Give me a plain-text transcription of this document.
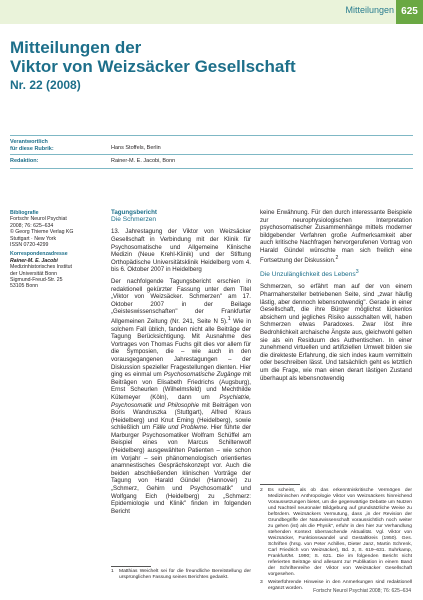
Mitteilungen 625
Mitteilungen der
Viktor von Weizsäcker Gesellschaft
Nr. 22 (2008)
Verantwortlich
für diese Rubrik:	Hans Stoffels, Berlin
Redaktion:	Rainer-M. E. Jacobi, Bonn
Bibliografie
Fortschr Neurol Psychiat
2008; 76: 625–634
© Georg Thieme Verlag KG
Stuttgart · New York
ISSN 0720-4299
Korrespondenzadresse
Rainer-M. E. Jacobi
Medizinhistorisches Institut
der Universität Bonn
Sigmund-Freud-Str. 25
53105 Bonn
Tagungsbericht
Die Schmerzen

13. Jahrestagung der Viktor von Weizsäcker Gesellschaft in Verbindung mit der Klinik für Psychosomatische und Allgemeine Klinische Medizin (Neue Krehl-Klinik) und der Stiftung Orthopädische Universitätsklinik Heidelberg vom 4. bis 6. Oktober 2007 in Heidelberg

Der nachfolgende Tagungsbericht erschien in redaktionell gekürzter Fassung unter dem Titel „Viktor von Weizsäcker. Schmerzen" am 17. Oktober 2007 in der Beilage „Geisteswissenschaften" der Frankfurter Allgemeinen Zeitung (Nr. 241, Seite N 5).$^1$ Wie in solchem Fall üblich, fanden nicht alle Beiträge der Tagung Berücksichtigung. Mit Ausnahme des Vortrages von Thomas Fuchs gilt dies vor allem für die Symposien, die – wie auch in den vorausgegangenen Jahrestagungen – der Diskussion spezieller Fragestellungen dienten. Hier ging es einmal um Psychosomatische Zugänge mit Beiträgen von Elisabeth Friedrichs (Augsburg), Ernst Scheurlen (Wilhelmsfeld) und Mechthilde Kütemeyer (Köln), dann um Psychiatrie, Psychosomatik und Philosophie mit Beiträgen von Boris Wandruszka (Stuttgart), Alfred Kraus (Heidelberg) und Knut Eming (Heidelberg), sowie schließlich um Fälle und Probleme. Hier führte der Marburger Psychosomatiker Wolfram Schüffel am Beispiel eines von Marcus Schiltenwolf (Heidelberg) ausgewählten Patienten – wie schon im Vorjahr – sein phänomenologisch orientiertes anamnestisches Gesprächskonzept vor. Auch die beiden abschließenden klinischen Vorträge der Tagung von Harald Gündel (Hannover) zu „Schmerz, Gehirn und Psychosomatik" und Wolfgang Eich (Heidelberg) zu „Schmerz: Epidemiologie und Klinik" finden im folgenden Bericht

1	Matthias Weichelt sei für die freundliche Bereitstellung der ursprünglichen Fassung seines Berichtes gedankt.

keine Erwähnung. Für den durch interessante Beispiele zur neurophysiologischen Interpretation psychosomatischer Zusammenhänge mittels moderner bildgebender Verfahren große Aufmerksamkeit aber auch kritische Nachfragen hervorgerufenen Vortrag von Harald Gündel wünschte man sich freilich eine Fortsetzung der Diskussion.$^2$

Die Unzulänglichkeit des Lebens$^3$

Schmerzen, so erfährt man auf der von einem Pharmahersteller betriebenen Seite, sind „zwar häufig lästig, aber dennoch lebensnotwendig". Gerade in einer Gesellschaft, die ihre Bürger möglichst lückenlos absichern und jegliches Risiko ausschalten will, haben Schmerzen etwas Paradoxes. Zwar löst ihre Bedrohlichkeit archaische Ängste aus, gleichwohl gelten sie als ein Residuum des Authentischen. In einer zunehmend virtuellen und artifiziellen Umwelt bilden sie die direkteste Erfahrung, die sich indes kaum vermitteln oder beschreiben lässt. Und tatsächlich geht es letztlich um die Frage, wie man einen derart lästigen Zustand überhaupt als lebensnotwendig

2	Es scheint, als ob das erkenntniskritische Vermögen der Medizinischen Anthropologie Viktor von Weizsäckers hinreichend Voraussetzungen bietet, um die gegenwärtige Debatte um Nutzen und Nachteil neuronaler Bildgebung auf grundsätzliche Weise zu befördern. Weizsäckers Vermutung, dass „in der Revision der Grundbegriffe der Naturwissenschaft voraussichtlich noch weiter zu gehen (ist) als die Physik", erfuhr in den hier zur Verhandlung stehenden Kontext überraschende Aktualität. Vgl. Viktor von Weizsäcker, Funktionswandel und Gestaltkreis (1950). Ges. Schriften (hrsg. von Peter Achilles, Dieter Janz, Martin Schrenk, Carl Friedrich von Weizsäcker), Bd. 3, S. 619–631. Suhrkamp, Frankfurt/M. 1990; S. 621. Die im folgenden Bericht nicht referierten Beiträge sind allesamt zur Publikation in einem Band der Schriftenreihe der Viktor von Weizsäcker Gesellschaft vorgesehen.
3	Weiterführende Hinweise in den Anmerkungen sind redaktionell ergänzt worden.	Fortschr Neurol Psychiat 2008; 76: 625–634
